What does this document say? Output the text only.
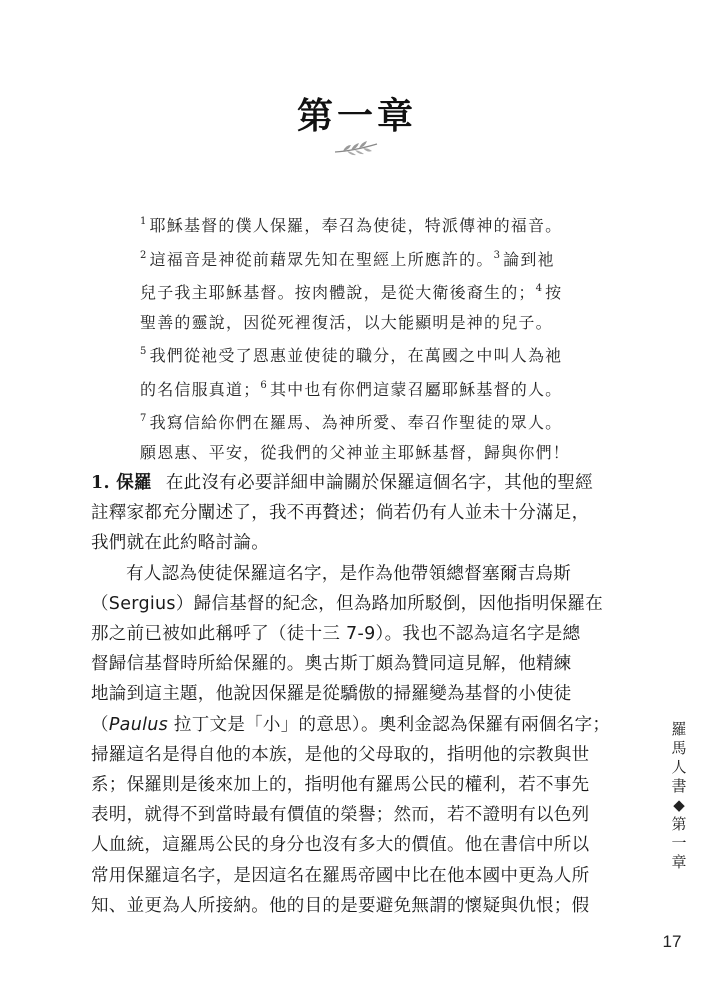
第一章

$^1$ 耶穌基督的僕人保羅，奉召為使徒，特派傳神的福音。

$^2$ 這福音是神從前藉眾先知在聖經上所應許的。$^3$ 論到祂

兒子我主耶穌基督。按肉體說，是從大衛後裔生的；$^4$ 按

聖善的靈說，因從死裡復活，以大能顯明是神的兒子。

$^5$ 我們從祂受了恩惠並使徒的職分，在萬國之中叫人為祂

的名信服真道；$^6$ 其中也有你們這蒙召屬耶穌基督的人。

$^7$ 我寫信給你們在羅馬、為神所愛、奉召作聖徒的眾人。

願恩惠、平安，從我們的父神並主耶穌基督，歸與你們！

1. 保羅 在此沒有必要詳細申論關於保羅這個名字，其他的聖經

註釋家都充分闡述了，我不再贅述；倘若仍有人並未十分滿足，

我們就在此約略討論。

有人認為使徒保羅這名字，是作為他帶領總督塞爾吉烏斯

（Sergius）歸信基督的紀念，但為路加所駁倒，因他指明保羅在

那之前已被如此稱呼了（徒十三 7-9）。我也不認為這名字是總

督歸信基督時所給保羅的。奧古斯丁頗為贊同這見解，他精練

地論到這主題，他說因保羅是從驕傲的掃羅變為基督的小使徒

（Paulus 拉丁文是「小」的意思）。奧利金認為保羅有兩個名字；

掃羅這名是得自他的本族，是他的父母取的，指明他的宗教與世

系；保羅則是後來加上的，指明他有羅馬公民的權利，若不事先

表明，就得不到當時最有價值的榮譽；然而，若不證明有以色列

人血統，這羅馬公民的身分也沒有多大的價值。他在書信中所以

常用保羅這名字，是因這名在羅馬帝國中比在他本國中更為人所

知、並更為人所接納。他的目的是要避免無謂的懷疑與仇恨；假

羅
馬
人
書
◆
第
一
章
17
